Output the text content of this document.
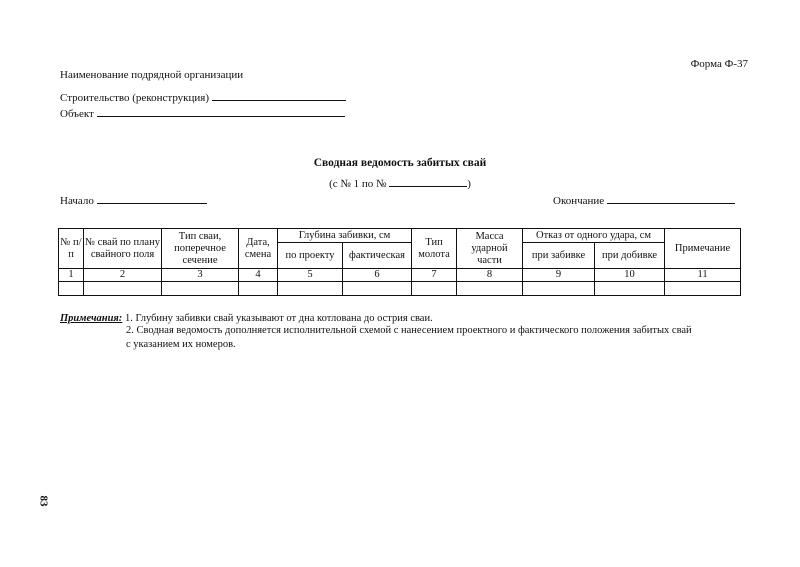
Форма Ф-37
Наименование подрядной организации
Строительство (реконструкция)
Объект
Сводная ведомость забитых свай
(с № 1 по №	)
Начало	Окончание
№ п/п	№ свай по плану свайного поля	Тип сваи, поперечное сечение	Дата, смена	Глубина забивки, см		Тип молота	Масса ударной части	Отказ от одного удара, см		Примечание
				по проекту	фактическая			при забивке	при добивке	
1	2	3	4	5	6	7	8	9	10	11

Примечания: 1. Глубину забивки свай указывают от дна котлована до острия сваи.
2. Сводная ведомость дополняется исполнительной схемой с нанесением проектного и фактического положения забитых свай
с указанием их номеров.
83
